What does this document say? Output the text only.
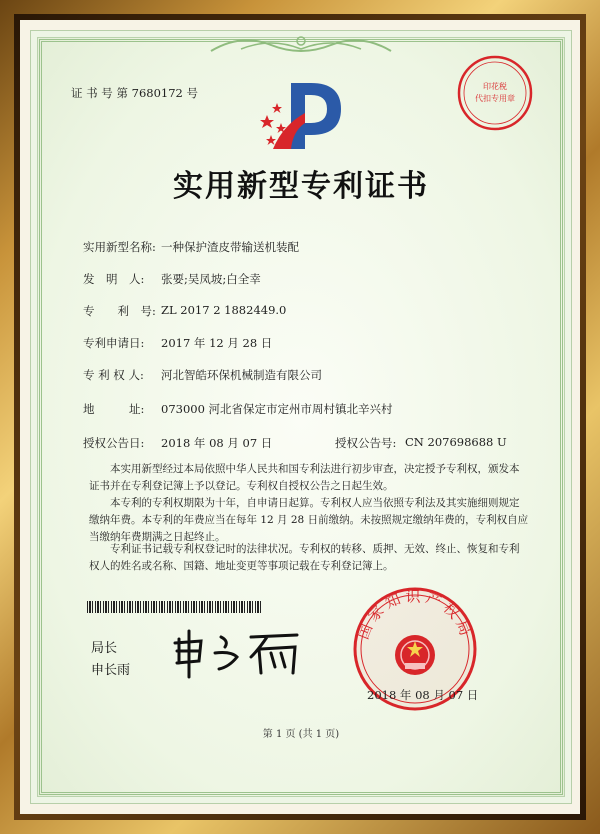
证 书 号 第 7680172 号	印花税
代扣专用章
实用新型专利证书
实用新型名称: 一种保护渣皮带输送机装配
发　明　人: 张要;吴凤坡;白全幸
专　　利　号: ZL 2017 2 1882449.0
专利申请日: 2017 年 12 月 28 日
专 利 权 人: 河北智皓环保机械制造有限公司
地　　　址: 073000 河北省保定市定州市周村镇北辛兴村
授权公告日: 2018 年 08 月 07 日	授权公告号: CN 207698688 U
本实用新型经过本局依照中华人民共和国专利法进行初步审查，决定授予专利权，颁发本证书并在专利登记簿上予以登记。专利权自授权公告之日起生效。
本专利的专利权期限为十年，自申请日起算。专利权人应当依照专利法及其实施细则规定缴纳年费。本专利的年费应当在每年 12 月 28 日前缴纳。未按照规定缴纳年费的，专利权自应当缴纳年费期满之日起终止。
专利证书记载专利权登记时的法律状况。专利权的转移、质押、无效、终止、恢复和专利权人的姓名或名称、国籍、地址变更等事项记载在专利登记簿上。
局长
申长雨
国家知识产权局
2018 年 08 月 07 日
第 1 页 (共 1 页)
